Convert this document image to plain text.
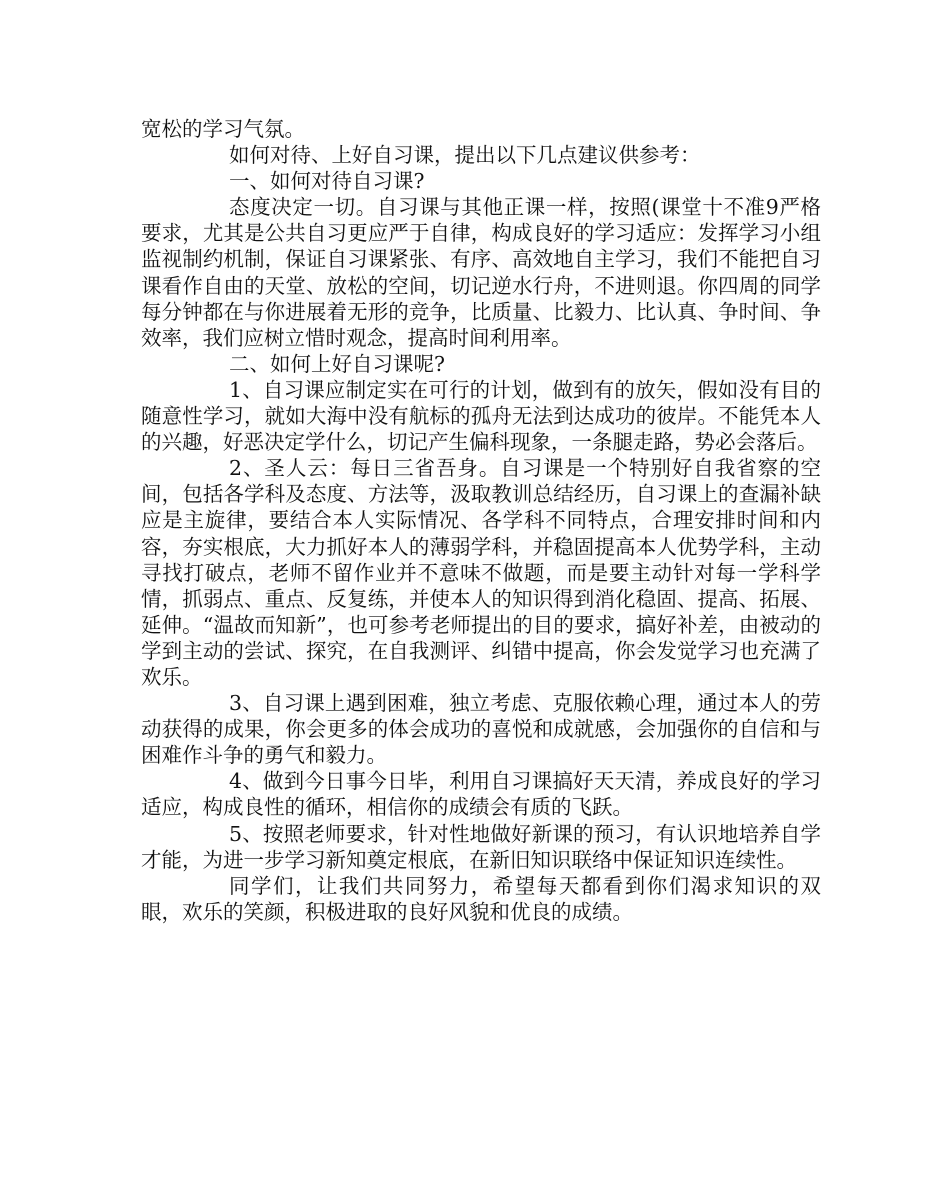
宽松的学习气氛。

如何对待、上好自习课，提出以下几点建议供参考：

一、如何对待自习课?

态度决定一切。自习课与其他正课一样，按照(课堂十不准9严格要求，尤其是公共自习更应严于自律，构成良好的学习适应：发挥学习小组监视制约机制，保证自习课紧张、有序、高效地自主学习，我们不能把自习课看作自由的天堂、放松的空间，切记逆水行舟，不进则退。你四周的同学每分钟都在与你进展着无形的竞争，比质量、比毅力、比认真、争时间、争效率，我们应树立惜时观念，提高时间利用率。

二、如何上好自习课呢?

1、自习课应制定实在可行的计划，做到有的放矢，假如没有目的随意性学习，就如大海中没有航标的孤舟无法到达成功的彼岸。不能凭本人的兴趣，好恶决定学什么，切记产生偏科现象，一条腿走路，势必会落后。

2、圣人云：每日三省吾身。自习课是一个特别好自我省察的空间，包括各学科及态度、方法等，汲取教训总结经历，自习课上的查漏补缺应是主旋律，要结合本人实际情况、各学科不同特点，合理安排时间和内容，夯实根底，大力抓好本人的薄弱学科，并稳固提高本人优势学科，主动寻找打破点，老师不留作业并不意味不做题，而是要主动针对每一学科学情，抓弱点、重点、反复练，并使本人的知识得到消化稳固、提高、拓展、延伸。“温故而知新”，也可参考老师提出的目的要求，搞好补差，由被动的学到主动的尝试、探究，在自我测评、纠错中提高，你会发觉学习也充满了欢乐。

3、自习课上遇到困难，独立考虑、克服依赖心理，通过本人的劳动获得的成果，你会更多的体会成功的喜悦和成就感，会加强你的自信和与困难作斗争的勇气和毅力。

4、做到今日事今日毕，利用自习课搞好天天清，养成良好的学习适应，构成良性的循环，相信你的成绩会有质的飞跃。

5、按照老师要求，针对性地做好新课的预习，有认识地培养自学才能，为进一步学习新知奠定根底，在新旧知识联络中保证知识连续性。

同学们，让我们共同努力，希望每天都看到你们渴求知识的双眼，欢乐的笑颜，积极进取的良好风貌和优良的成绩。
